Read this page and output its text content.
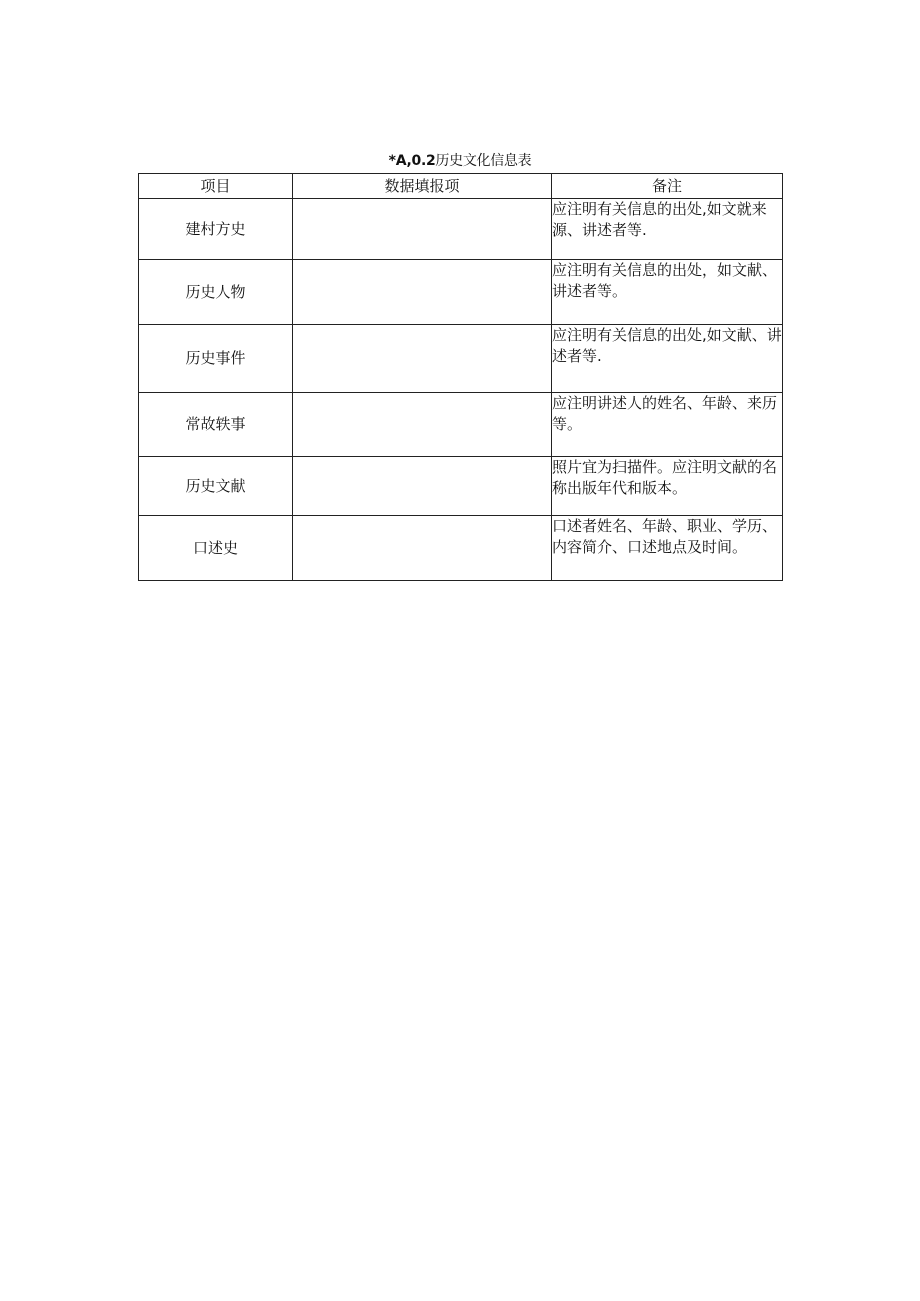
*A,0.2历史文化信息表
项目	数据填报项	备注
建村方史		应注明有关信息的出处,如文就来源、讲述者等.
历史人物		应注明有关信息的出处，如文献、讲述者等。
历史事件		应注明有关信息的出处,如文献、讲述者等.
常故轶事		应注明讲述人的姓名、年龄、来历等。
历史文献		照片宜为扫描件。应注明文献的名称出版年代和版本。
口述史		口述者姓名、年龄、职业、学历、内容简介、口述地点及时间。
